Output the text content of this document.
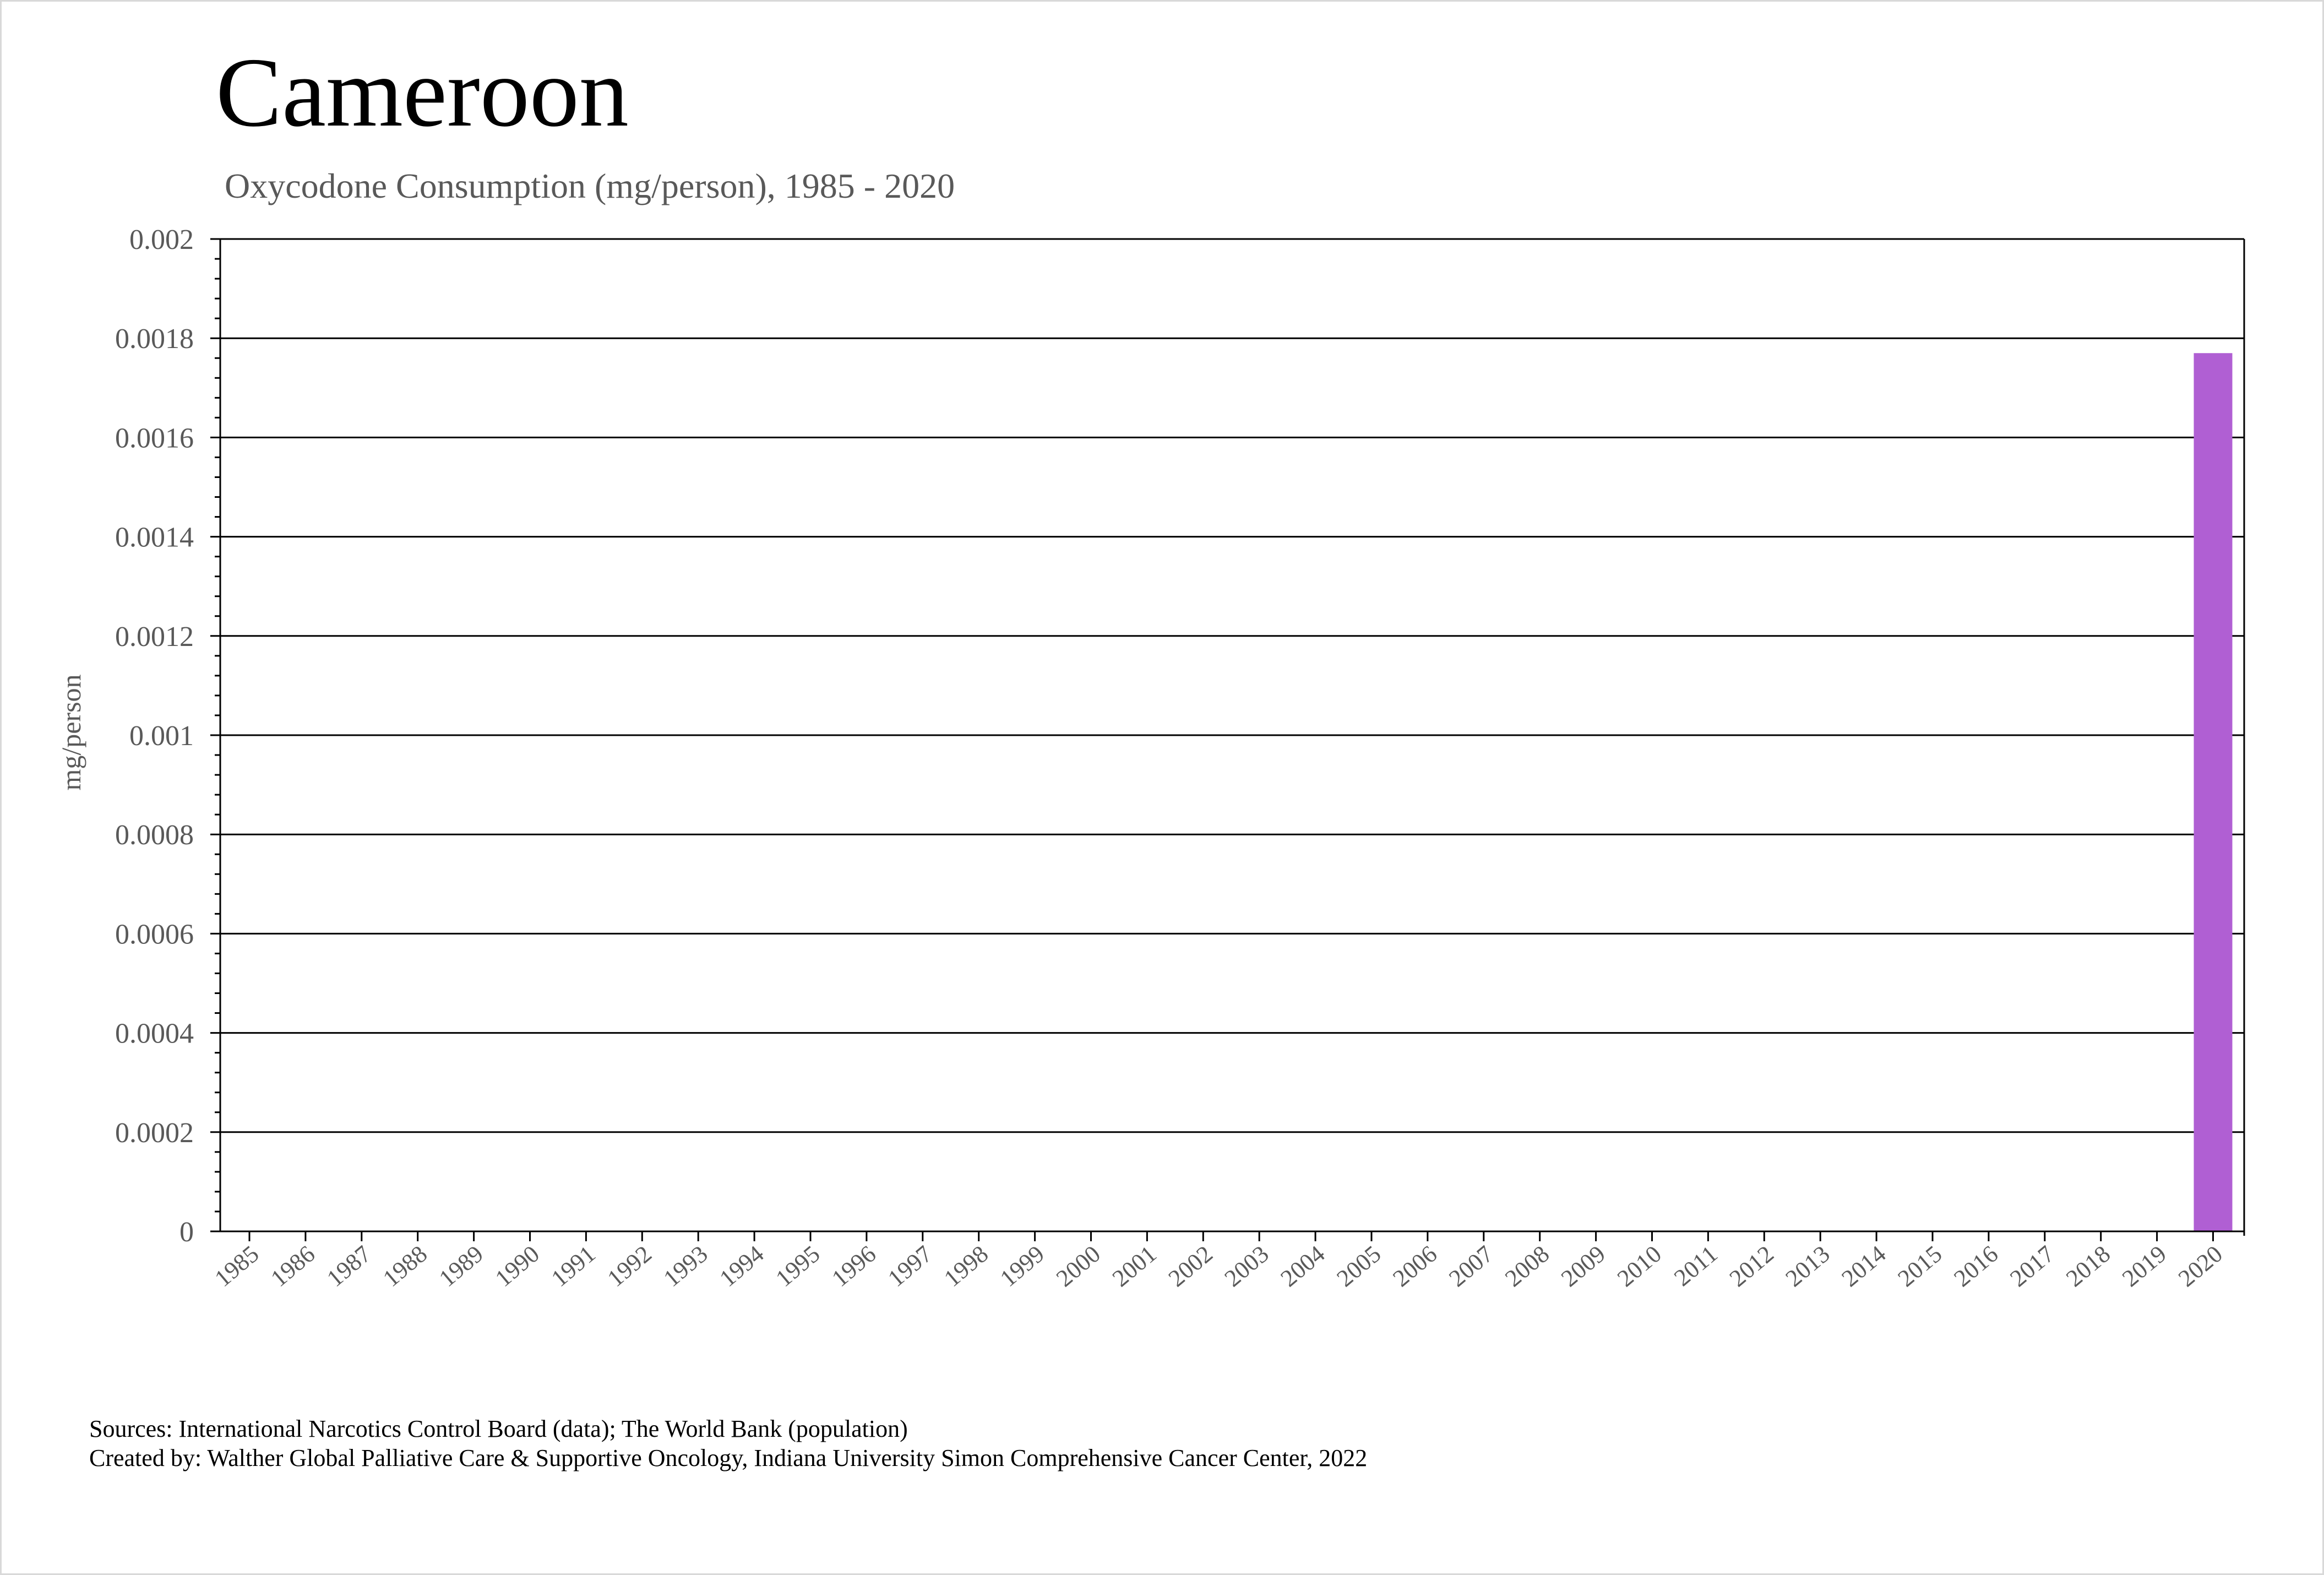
Cameroon
Oxycodone Consumption (mg/person), 1985 - 2020
0
0.0002
0.0004
0.0006
0.0008
0.001
0.0012
0.0014
0.0016
0.0018
0.002
1985 1986 1987 1988 1989 1990 1991 1992 1993 1994 1995 1996 1997 1998 1999 2000 2001 2002 2003 2004 2005 2006 2007 2008 2009 2010 2011 2012 2013 2014 2015 2016 2017 2018 2019 2020
mg/person
Sources: International Narcotics Control Board (data); The World Bank (population)
Created by: Walther Global Palliative Care & Supportive Oncology, Indiana University Simon Comprehensive Cancer Center, 2022
